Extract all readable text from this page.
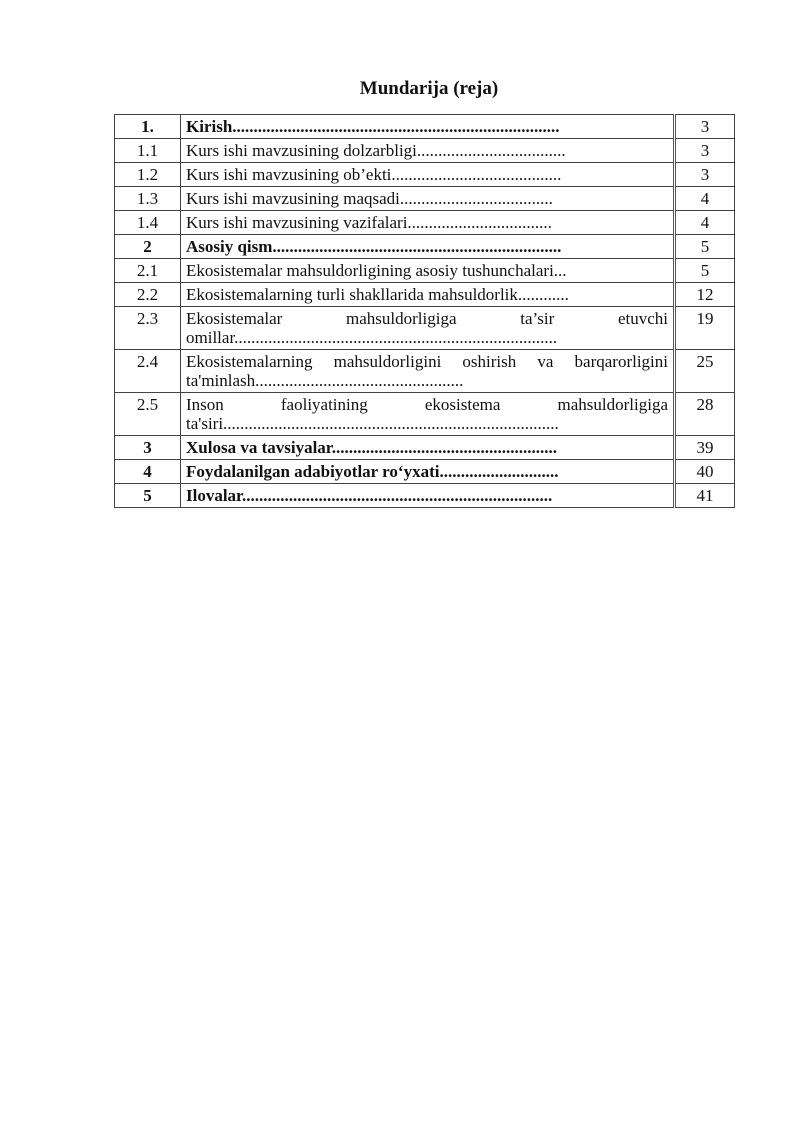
Mundarija (reja)
1.	Kirish.............................................................................	3
1.1	Kurs ishi mavzusining dolzarbligi...................................	3
1.2	Kurs ishi mavzusining ob’ekti........................................	3
1.3	Kurs ishi mavzusining maqsadi....................................	4
1.4	Kurs ishi mavzusining vazifalari..................................	4
2	Asosiy qism....................................................................	5
2.1	Ekosistemalar mahsuldorligining asosiy tushunchalari...	5
2.2	Ekosistemalarning turli shakllarida mahsuldorlik............	12
2.3	Ekosistemalar mahsuldorligiga ta’sir etuvchi omillar............................................................................	19
2.4	Ekosistemalarning mahsuldorligini oshirish va barqarorligini ta'minlash.................................................	25
2.5	Inson faoliyatining ekosistema mahsuldorligiga ta'siri...............................................................................	28
3	Xulosa va tavsiyalar.....................................................	39
4	Foydalanilgan adabiyotlar ro‘yxati............................	40
5	Ilovalar.........................................................................	41
